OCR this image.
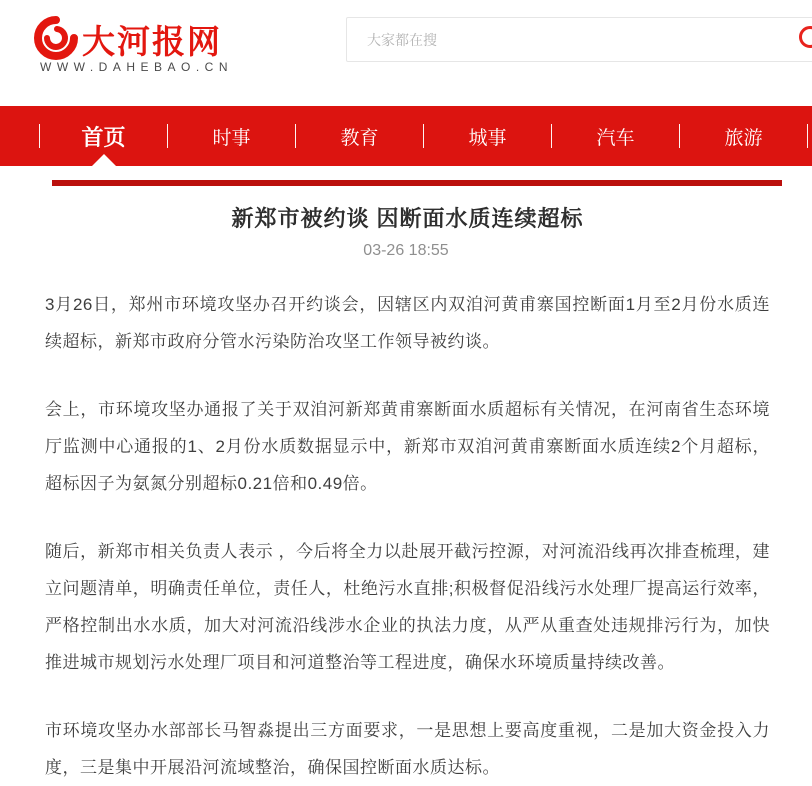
大河报网
WWW.DAHEBAO.CN
大家都在搜
首页	时事	教育	城事	汽车	旅游
新郑市被约谈 因断面水质连续超标
03-26 18:55

3月26日，郑州市环境攻坚办召开约谈会，因辖区内双洎河黄甫寨国控断面1月至2月份水质连续超标，新郑市政府分管水污染防治攻坚工作领导被约谈。

会上，市环境攻坚办通报了关于双洎河新郑黄甫寨断面水质超标有关情况，在河南省生态环境厅监测中心通报的1、2月份水质数据显示中，新郑市双洎河黄甫寨断面水质连续2个月超标，超标因子为氨氮分别超标0.21倍和0.49倍。

随后，新郑市相关负责人表示 ，今后将全力以赴展开截污控源，对河流沿线再次排查梳理，建立问题清单，明确责任单位，责任人，杜绝污水直排;积极督促沿线污水处理厂提高运行效率，严格控制出水水质，加大对河流沿线涉水企业的执法力度，从严从重查处违规排污行为，加快推进城市规划污水处理厂项目和河道整治等工程进度，确保水环境质量持续改善。

市环境攻坚办水部部长马智淼提出三方面要求，一是思想上要高度重视，二是加大资金投入力度，三是集中开展沿河流域整治，确保国控断面水质达标。
